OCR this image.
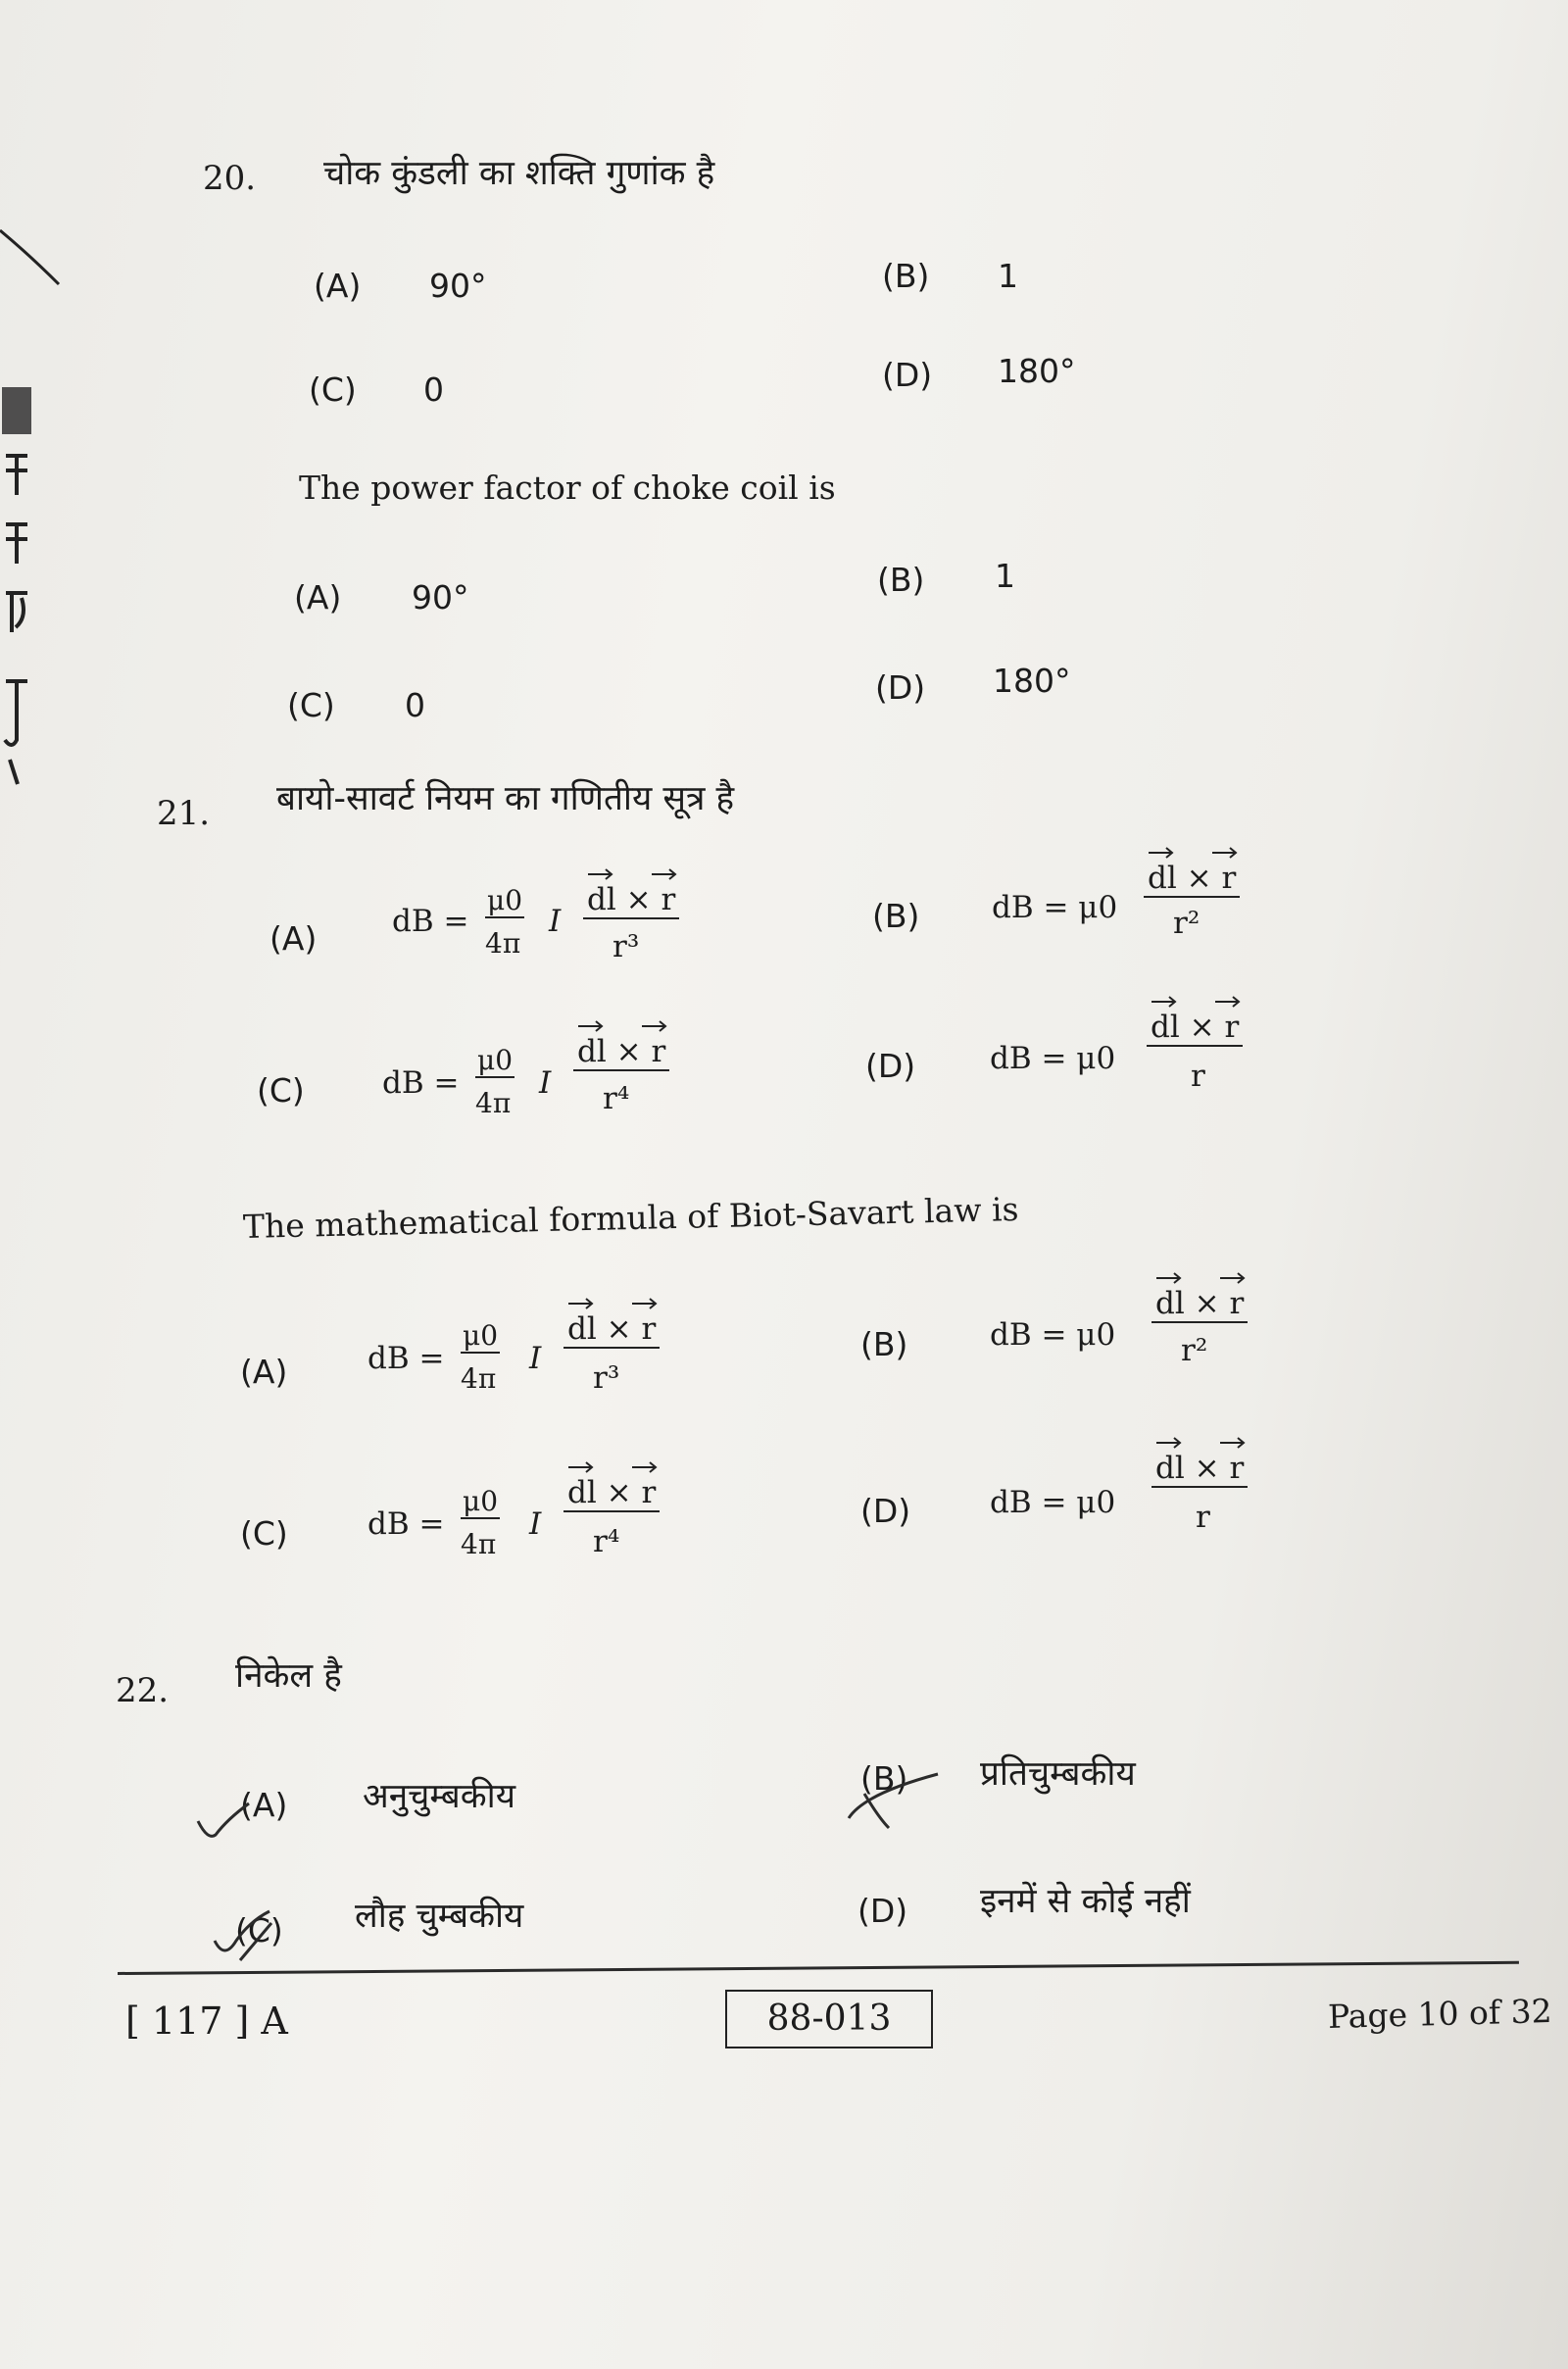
20. चोक कुंडली का शक्ति गुणांक है
(A) 90°	(B) 1
(C) 0	(D) 180°
The power factor of choke coil is
(A) 90°	(B) 1
(C) 0	(D) 180°
21. बायो-सावर्ट नियम का गणितीय सूत्र है
(A) dB =
μ0
4π
I
dl × r
r³
(B) dB = μ0
dl × r
r²
(C)	dB =
μ0
4π
I
dl × r
r⁴
(D) dB = μ0
dl × r
r
The mathematical formula of Biot-Savart law is
(A)	dB =
μ0
4π
I
dl × r
r³
(B)	dB = μ0
dl × r
r²
(C)	dB =
μ0
4π
I
dl × r
r⁴
(D)	dB = μ0
dl × r
r
22. निकेल है
(A) अनुचुम्बकीय	(B) प्रतिचुम्बकीय
(C) लौह चुम्बकीय	(D) इनमें से कोई नहीं
[ 117 ] A	88-013	Page 10 of 32
